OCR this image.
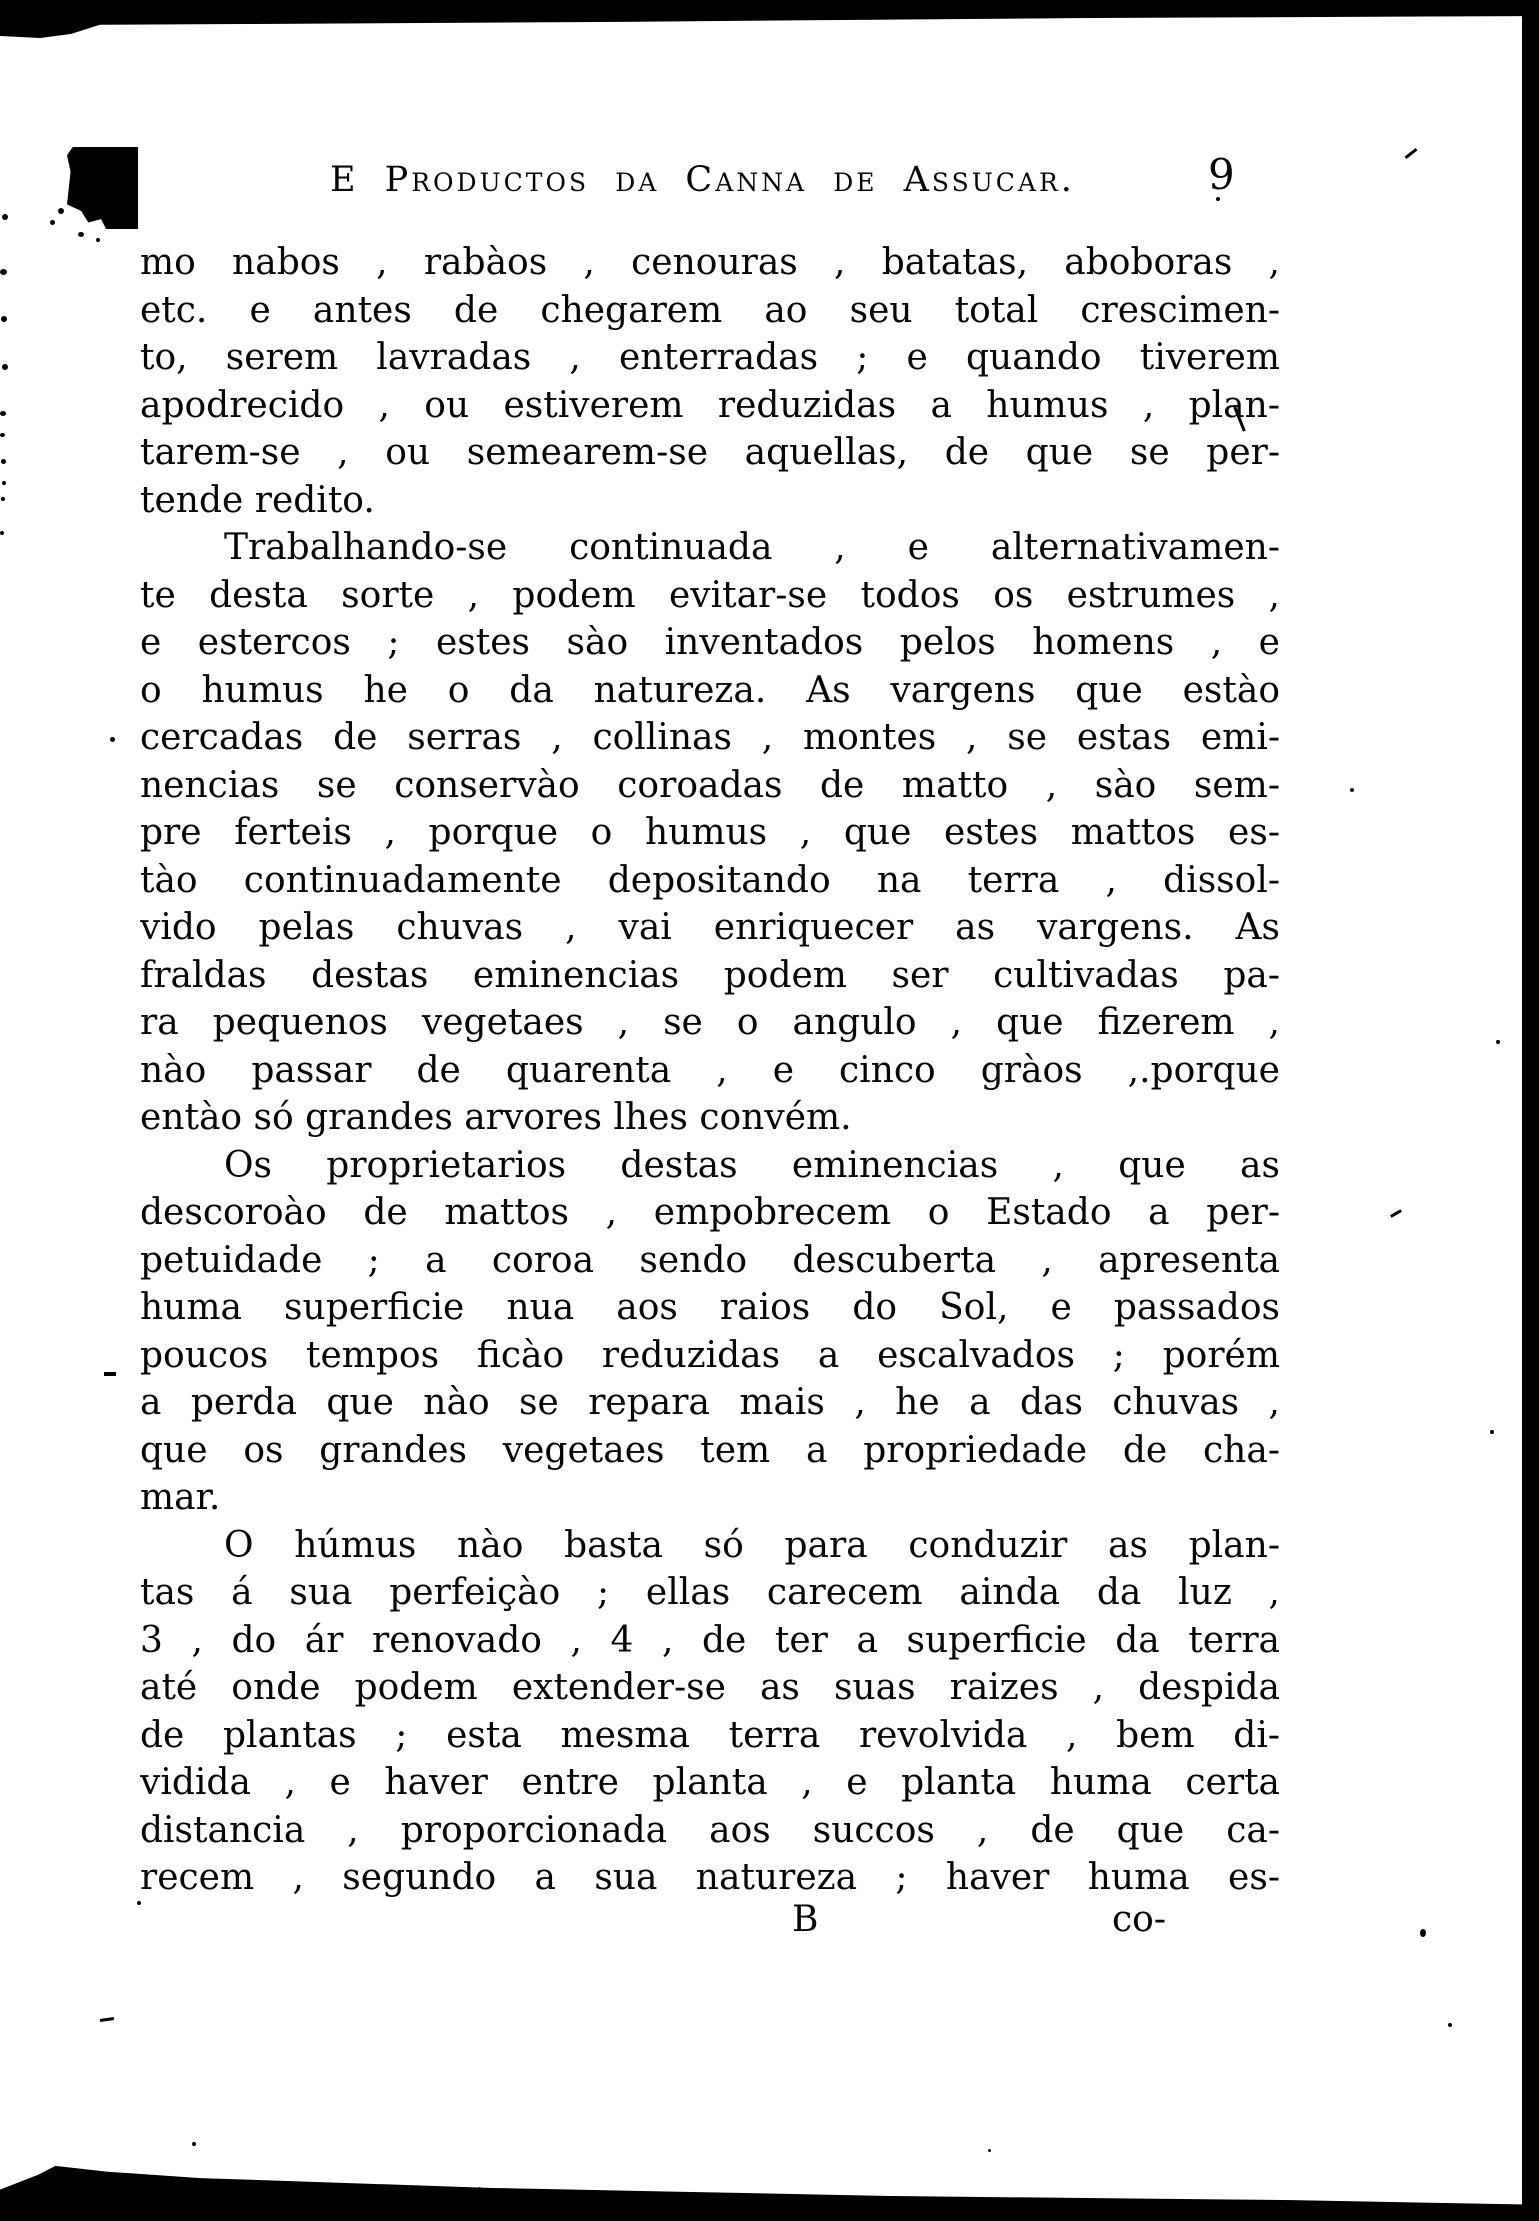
E Productos da Canna de Assucar.	9
mo nabos , rabàos , cenouras , batatas, aboboras ,
etc. e antes de chegarem ao seu total crescimen-
to, serem lavradas , enterradas ; e quando tiverem
apodrecido , ou estiverem reduzidas a humus , plan-
tarem-se , ou semearem-se aquellas, de que se per-
tende redito.
Trabalhando-se continuada , e alternativamen-
te desta sorte , podem evitar-se todos os estrumes ,
e estercos ; estes sào inventados pelos homens , e
o humus he o da natureza. As vargens que estào
cercadas de serras , collinas , montes , se estas emi-
nencias se conservào coroadas de matto , sào sem-
pre ferteis , porque o humus , que estes mattos es-
tào continuadamente depositando na terra , dissol-
vido pelas chuvas , vai enriquecer as vargens. As
fraldas destas eminencias podem ser cultivadas pa-
ra pequenos vegetaes , se o angulo , que fizerem ,
nào passar de quarenta , e cinco gràos ,.porque
entào só grandes arvores lhes convém.
Os proprietarios destas eminencias , que as
descoroào de mattos , empobrecem o Estado a per-
petuidade ; a coroa sendo descuberta , apresenta
huma superficie nua aos raios do Sol, e passados
poucos tempos ficào reduzidas a escalvados ; porém
a perda que nào se repara mais , he a das chuvas ,
que os grandes vegetaes tem a propriedade de cha-
mar.
O húmus nào basta só para conduzir as plan-
tas á sua perfeiçào ; ellas carecem ainda da luz ,
3 , do ár renovado , 4 , de ter a superficie da terra
até onde podem extender-se as suas raizes , despida
de plantas ; esta mesma terra revolvida , bem di-
vidida , e haver entre planta , e planta huma certa
distancia , proporcionada aos succos , de que ca-
recem , segundo a sua natureza ; haver huma es-
B	co-
